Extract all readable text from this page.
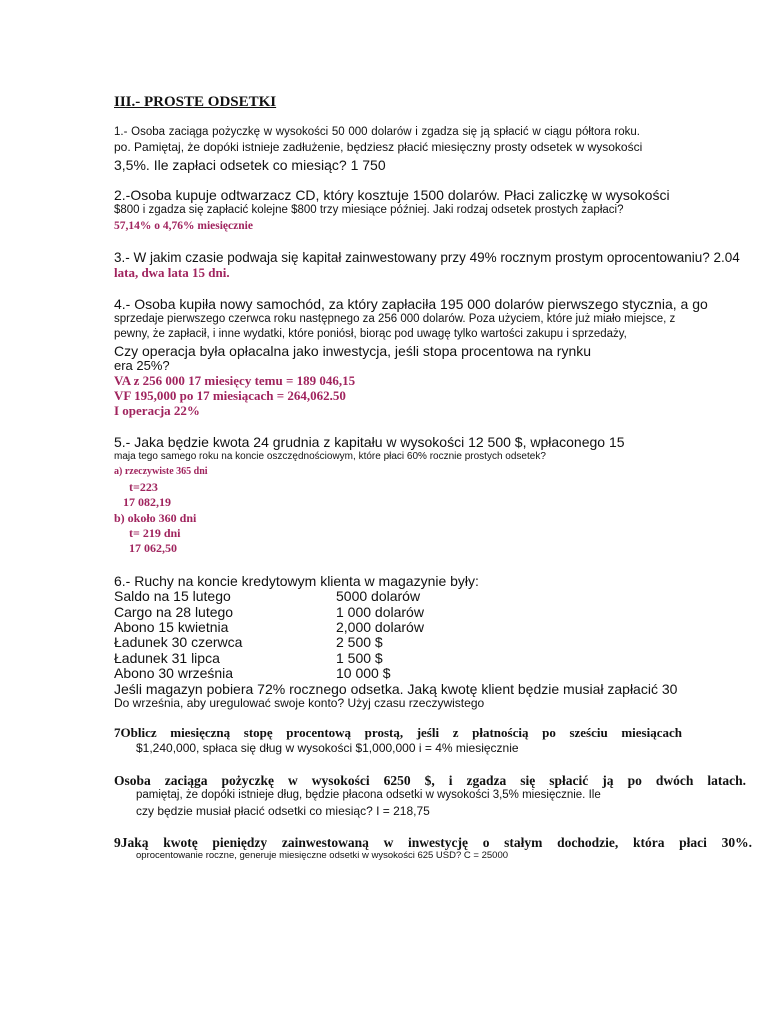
III.- PROSTE ODSETKI
1.- Osoba zaciąga pożyczkę w wysokości 50 000 dolarów i zgadza się ją spłacić w ciągu półtora roku.
po. Pamiętaj, że dopóki istnieje zadłużenie, będziesz płacić miesięczny prosty odsetek w wysokości
3,5%. Ile zapłaci odsetek co miesiąc? 1 750
2.-Osoba kupuje odtwarzacz CD, który kosztuje 1500 dolarów. Płaci zaliczkę w wysokości
$800 i zgadza się zapłacić kolejne $800 trzy miesiące później. Jaki rodzaj odsetek prostych zapłaci?
57,14% o 4,76% miesięcznie
3.- W jakim czasie podwaja się kapitał zainwestowany przy 49% rocznym prostym oprocentowaniu? 2.04
lata, dwa lata 15 dni.
4.- Osoba kupiła nowy samochód, za który zapłaciła 195 000 dolarów pierwszego stycznia, a go
sprzedaje pierwszego czerwca roku następnego za 256 000 dolarów. Poza użyciem, które już miało miejsce, z
pewny, że zapłacił, i inne wydatki, które poniósł, biorąc pod uwagę tylko wartości zakupu i sprzedaży,
Czy operacja była opłacalna jako inwestycja, jeśli stopa procentowa na rynku
era 25%?
VA z 256 000 17 miesięcy temu = 189 046,15
VF 195,000 po 17 miesiącach = 264,062.50
I operacja 22%
5.- Jaka będzie kwota 24 grudnia z kapitału w wysokości 12 500 $, wpłaconego 15
maja tego samego roku na koncie oszczędnościowym, które płaci 60% rocznie prostych odsetek?
a) rzeczywiste 365 dni
t=223
17 082,19
b) około 360 dni
t= 219 dni
17 062,50
6.- Ruchy na koncie kredytowym klienta w magazynie były:
Saldo na 15 lutego	5000 dolarów
Cargo na 28 lutego	1 000 dolarów
Abono 15 kwietnia	2,000 dolarów
Ładunek 30 czerwca	2 500 $
Ładunek 31 lipca	1 500 $
Abono 30 września	10 000 $
Jeśli magazyn pobiera 72% rocznego odsetka. Jaką kwotę klient będzie musiał zapłacić 30
Do września, aby uregulować swoje konto? Użyj czasu rzeczywistego
7Oblicz miesięczną stopę procentową prostą, jeśli z płatnością po sześciu miesiącach
$1,240,000, spłaca się dług w wysokości $1,000,000 i = 4% miesięcznie
Osoba zaciąga pożyczkę w wysokości 6250 $, i zgadza się spłacić ją po dwóch latach.
pamiętaj, że dopóki istnieje dług, będzie płacona odsetki w wysokości 3,5% miesięcznie. Ile
czy będzie musiał płacić odsetki co miesiąc? I = 218,75
9Jaką kwotę pieniędzy zainwestowaną w inwestycję o stałym dochodzie, która płaci 30%.
oprocentowanie roczne, generuje miesięczne odsetki w wysokości 625 USD? C = 25000
